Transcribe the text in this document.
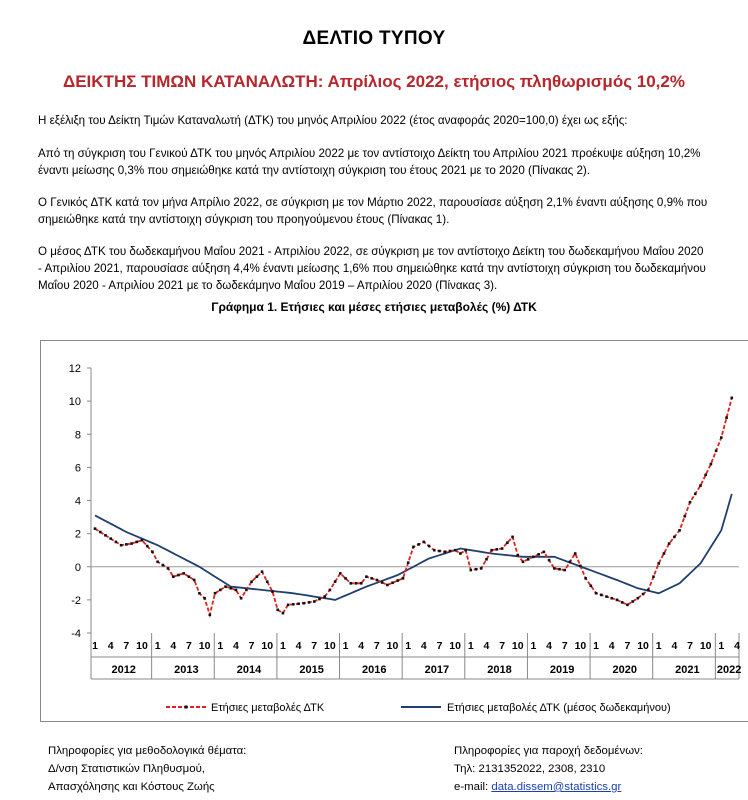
ΔΕΛΤΙΟ ΤΥΠΟΥ
ΔΕΙΚΤΗΣ ΤΙΜΩΝ ΚΑΤΑΝΑΛΩΤΗ: Απρίλιος 2022, ετήσιος πληθωρισμός 10,2%
Η εξέλιξη του Δείκτη Τιμών Καταναλωτή (ΔΤΚ) του μηνός Απριλίου 2022 (έτος αναφοράς 2020=100,0) έχει ως εξής:
Από τη σύγκριση του Γενικού ΔΤΚ του μηνός Απριλίου 2022 με τον αντίστοιχο Δείκτη του Απριλίου 2021 προέκυψε αύξηση 10,2%
έναντι μείωσης 0,3% που σημειώθηκε κατά την αντίστοιχη σύγκριση του έτους 2021 με το 2020 (Πίνακας 2).
Ο Γενικός ΔΤΚ κατά τον μήνα Απρίλιο 2022, σε σύγκριση με τον Μάρτιο 2022, παρουσίασε αύξηση 2,1% έναντι αύξησης 0,9% που
σημειώθηκε κατά την αντίστοιχη σύγκριση του προηγούμενου έτους (Πίνακας 1).
Ο μέσος ΔΤΚ του δωδεκαμήνου Μαΐου 2021 - Απριλίου 2022, σε σύγκριση με τον αντίστοιχο Δείκτη του δωδεκαμήνου Μαΐου 2020
- Απριλίου 2021, παρουσίασε αύξηση 4,4% έναντι μείωσης 1,6% που σημειώθηκε κατά την αντίστοιχη σύγκριση του δωδεκαμήνου
Μαΐου 2020 - Απριλίου 2021 με το δωδεκάμηνο Μαΐου 2019 – Απριλίου 2020 (Πίνακας 3).
Γράφημα 1. Ετήσιες και μέσες ετήσιες μεταβολές (%) ΔΤΚ
-4
-2
0
2
4
6
8
10
12
1 4 7 10
2012
1 4 7 10
2013
1 4 7 10
2014
1 4 7 10
2015
1 4 7 10
2016
1 4 7 10
2017
1 4 7 10
2018
1 4 7 10
2019
1 4 7 10
2020
1 4 7 10
2021
1 4
2022
Ετήσιες μεταβολές ΔΤΚ	Ετήσιες μεταβολές ΔΤΚ (μέσος δωδεκαμήνου)
Πληροφορίες για μεθοδολογικά θέματα:
Δ/νση Στατιστικών Πληθυσμού,
Απασχόλησης και Κόστους Ζωής
Πληροφορίες για παροχή δεδομένων:
Τηλ: 2131352022, 2308, 2310
e-mail: data.dissem@statistics.gr
